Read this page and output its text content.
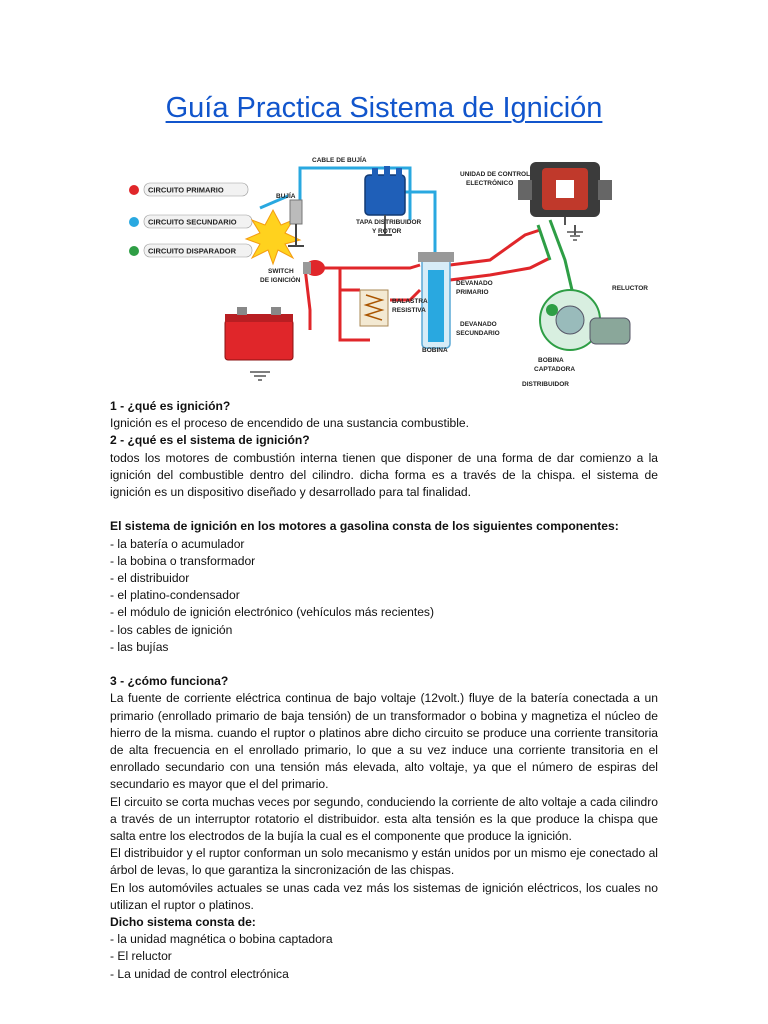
Guía Practica Sistema de Ignición
CIRCUITO PRIMARIO
CIRCUITO SECUNDARIO
CIRCUITO DISPARADOR
CABLE DE BUJÍA
BUJÍA
TAPA DISTRIBUIDOR
Y ROTOR
UNIDAD DE CONTROL
ELECTRÓNICO
SWITCH
DE IGNICIÓN
BALASTRA
RESISTIVA
DEVANADO
PRIMARIO
DEVANADO
SECUNDARIO
BOBINA
RELUCTOR
BOBINA
CAPTADORA
DISTRIBUIDOR

1 - ¿qué es ignición?

Ignición es el proceso de encendido de una sustancia combustible.

2 - ¿qué es el sistema de ignición?

todos los motores de combustión interna tienen que disponer de una forma de dar comienzo a la ignición del combustible dentro del cilindro. dicha forma es a través de la chispa. el sistema de ignición es un dispositivo diseñado y desarrollado para tal finalidad.

El sistema de ignición en los motores a gasolina consta de los siguientes componentes:

- la batería o acumulador

- la bobina o transformador

- el distribuidor

- el platino-condensador

- el módulo de ignición electrónico (vehículos más recientes)

- los cables de ignición

- las bujías

3 - ¿cómo funciona?

La fuente de corriente eléctrica continua de bajo voltaje (12volt.) fluye de la batería conectada a un primario (enrollado primario de baja tensión) de un transformador o bobina y magnetiza el núcleo de hierro de la misma. cuando el ruptor o platinos abre dicho circuito se produce una corriente transitoria de alta frecuencia en el enrollado primario, lo que a su vez induce una corriente transitoria en el enrollado secundario con una tensión más elevada, alto voltaje, ya que el número de espiras del secundario es mayor que el del primario.

El circuito se corta muchas veces por segundo, conduciendo la corriente de alto voltaje a cada cilindro a través de un interruptor rotatorio el distribuidor. esta alta tensión es la que produce la chispa que salta entre los electrodos de la bujía la cual es el componente que produce la ignición.

El distribuidor y el ruptor conforman un solo mecanismo y están unidos por un mismo eje conectado al árbol de levas, lo que garantiza la sincronización de las chispas.

En los automóviles actuales se unas cada vez más los sistemas de ignición eléctricos, los cuales no utilizan el ruptor o platinos.

Dicho sistema consta de:

- la unidad magnética o bobina captadora

- El reluctor

- La unidad de control electrónica
